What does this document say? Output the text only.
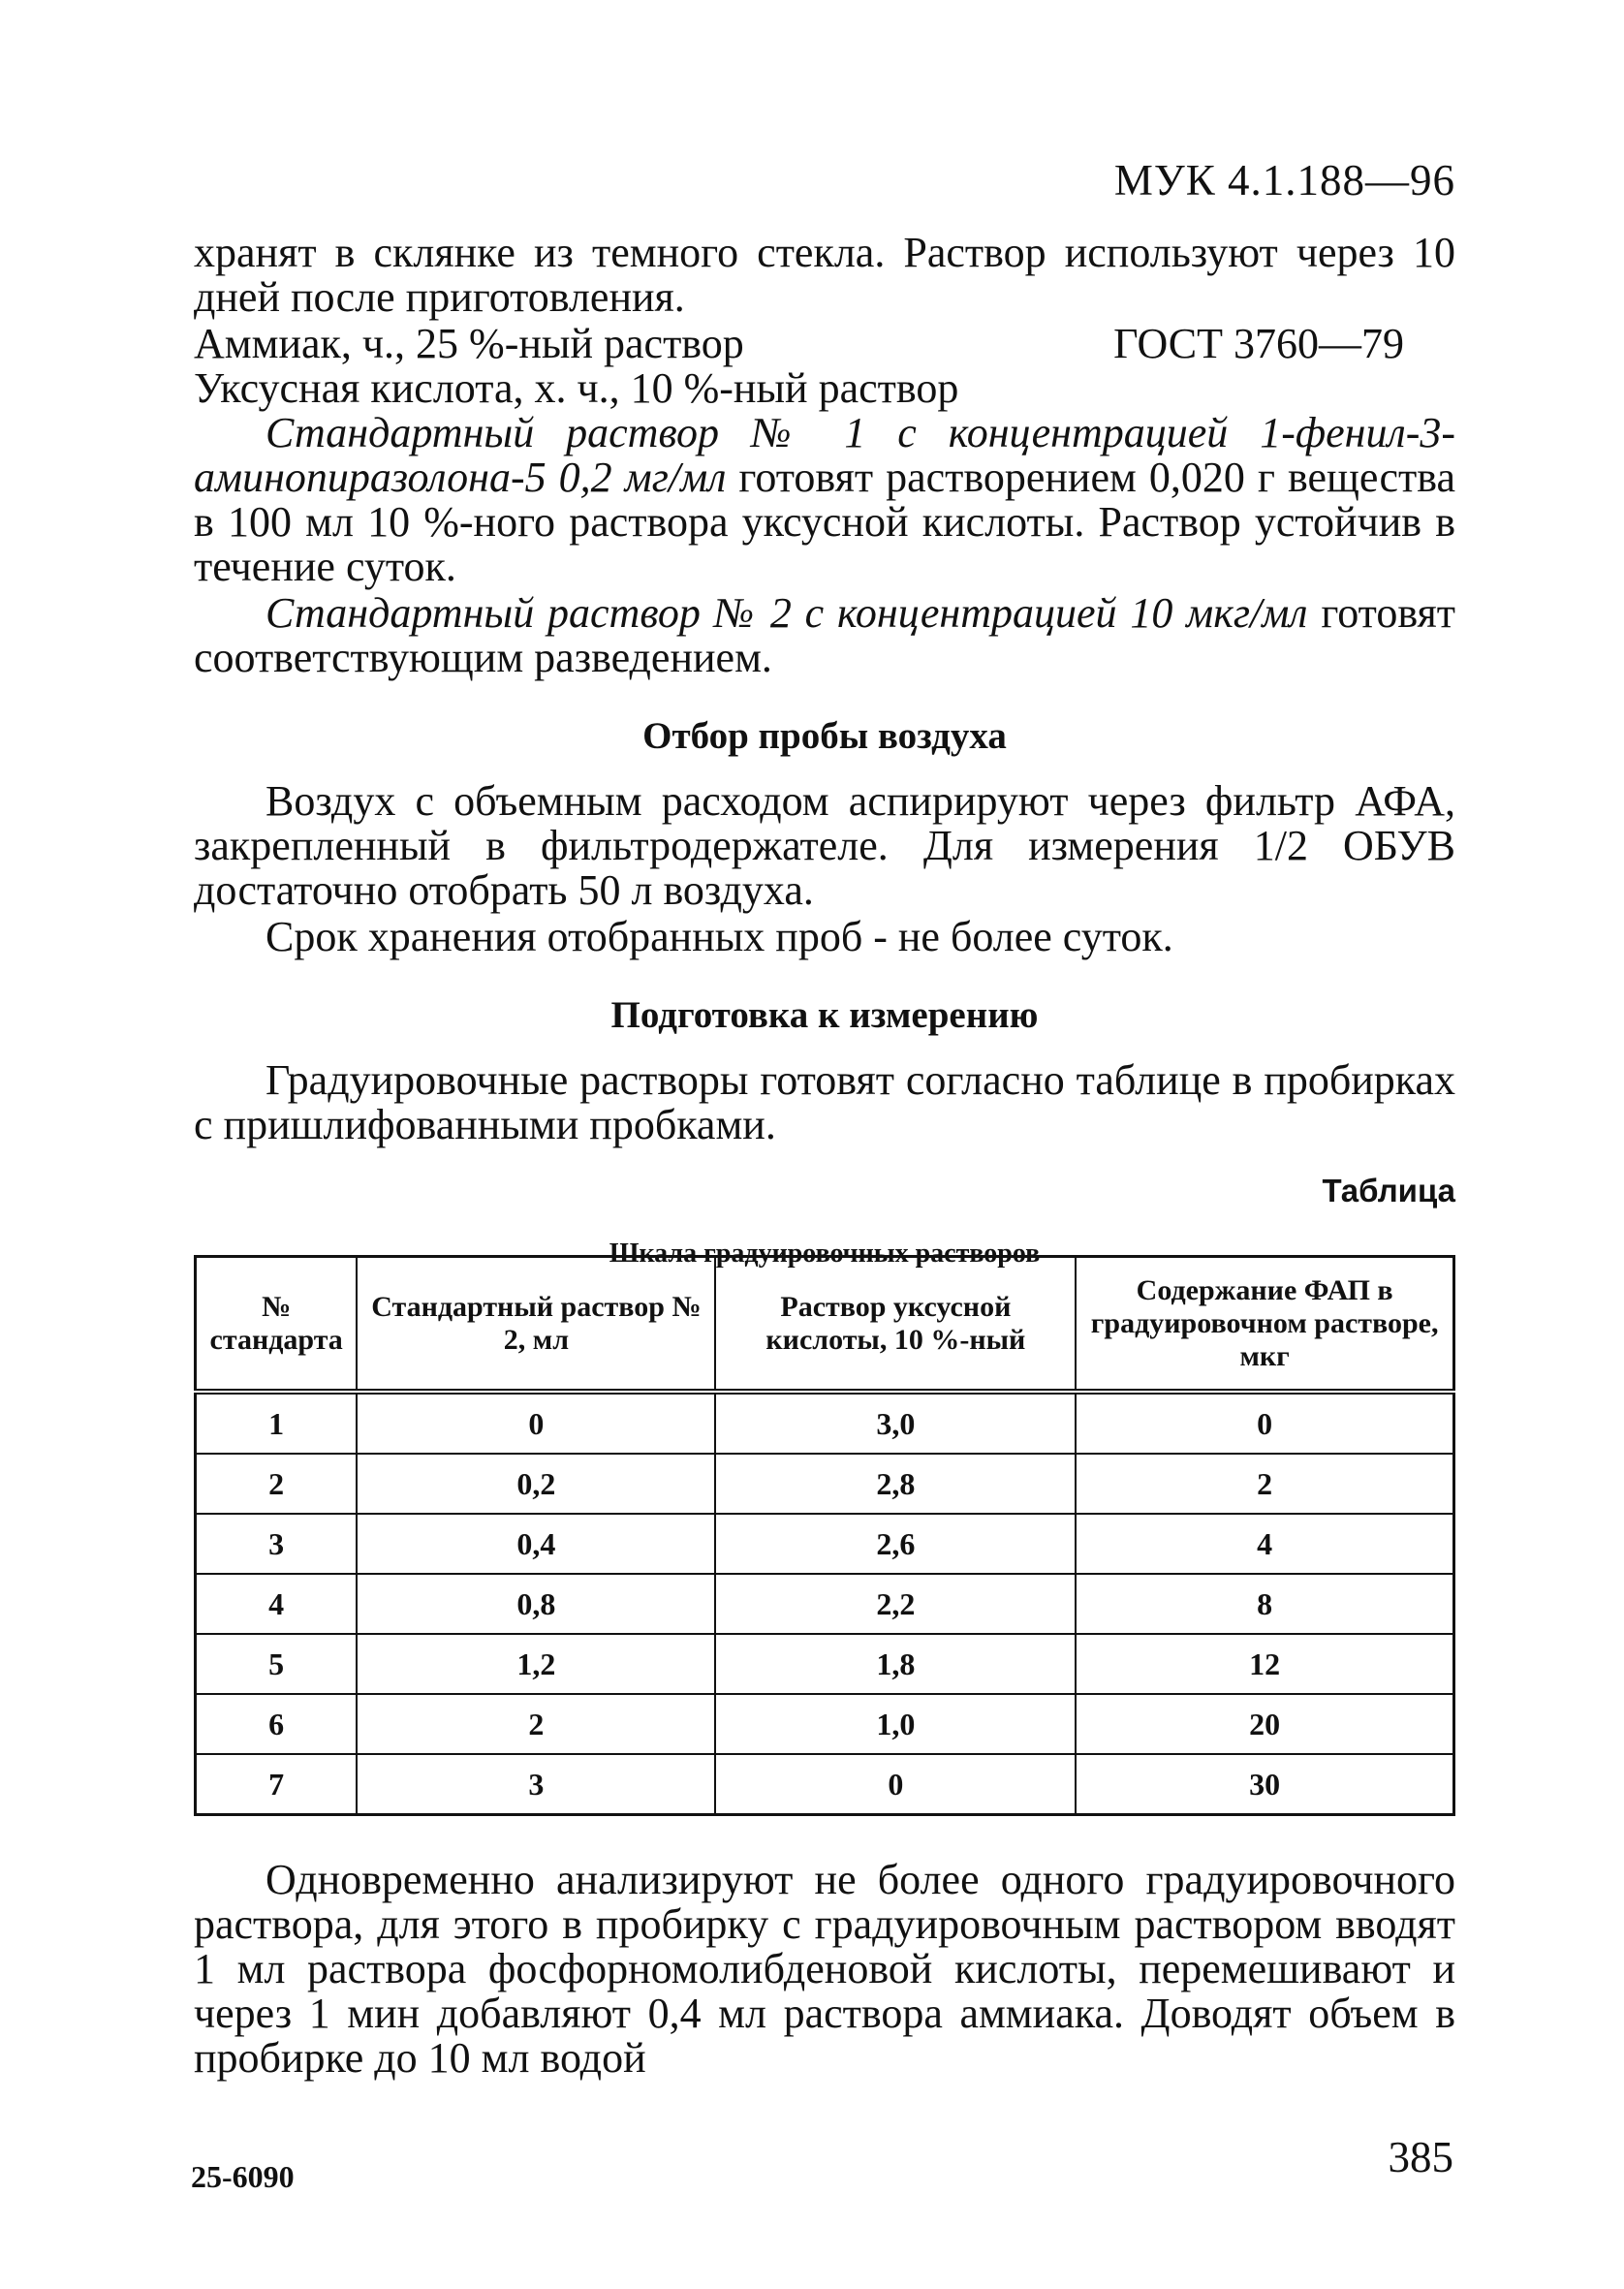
МУК 4.1.188—96

хранят в склянке из темного стекла. Раствор используют через 10 дней после приготовления.

Аммиак, ч., 25 %-ный раствор	ГОСТ 3760—79
Уксусная кислота, х. ч., 10 %-ный раствор

Стандартный раствор № 1 с концентрацией 1-фенил-3-аминопиразолона-5 0,2 мг/мл готовят растворением 0,020 г вещества в 100 мл 10 %-ного раствора уксусной кислоты. Раствор устойчив в течение суток.

Стандартный раствор № 2 с концентрацией 10 мкг/мл готовят соответствующим разведением.

Отбор пробы воздуха

Воздух с объемным расходом аспирируют через фильтр АФА, закрепленный в фильтродержателе. Для измерения 1/2 ОБУВ достаточно отобрать 50 л воздуха.

Срок хранения отобранных проб - не более суток.

Подготовка к измерению

Градуировочные растворы готовят согласно таблице в пробирках с пришлифованными пробками.

Таблица
Шкала градуировочных растворов
№ стандарта	Стандартный раствор № 2, мл	Раствор уксусной кислоты, 10 %-ный	Содержание ФАП в градуировочном растворе, мкг
1	0	3,0	0
2	0,2	2,8	2
3	0,4	2,6	4
4	0,8	2,2	8
5	1,2	1,8	12
6	2	1,0	20
7	3	0	30

Одновременно анализируют не более одного градуировочного раствора, для этого в пробирку с градуировочным раствором вводят 1 мл раствора фосфорномолибденовой кислоты, перемешивают и через 1 мин добавляют 0,4 мл раствора аммиака. Доводят объем в пробирке до 10 мл водой

25-6090	385
